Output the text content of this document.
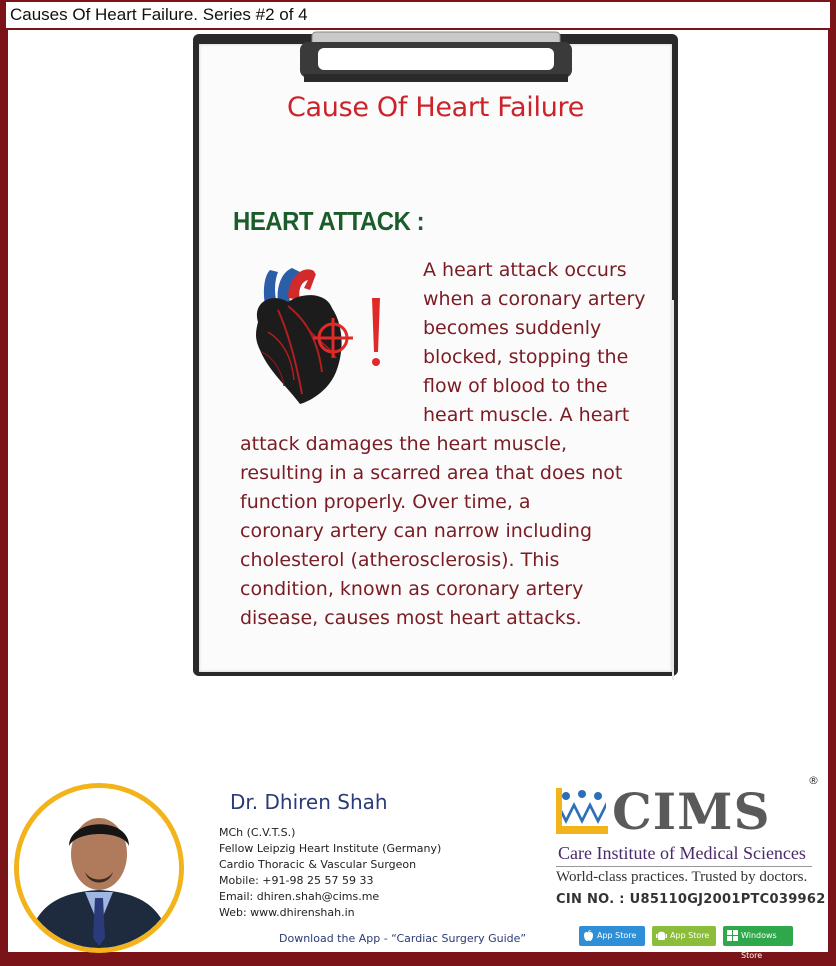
Causes Of Heart Failure. Series #2 of 4
Cause Of Heart Failure
HEART ATTACK :
A heart attack occurs
when a coronary artery
becomes suddenly
blocked, stopping the
flow of blood to the
heart muscle. A heart
attack damages the heart muscle,
resulting in a scarred area that does not
function properly. Over time, a
coronary artery can narrow including
cholesterol (atherosclerosis). This
condition, known as coronary artery
disease, causes most heart attacks.
Dr. Dhiren Shah
MCh (C.V.T.S.)
Fellow Leipzig Heart Institute (Germany)
Cardio Thoracic & Vascular Surgeon
Mobile: +91-98 25 57 59 33
Email: dhiren.shah@cims.me
Web: www.dhirenshah.in
Download the App - “Cardiac Surgery Guide”
CIMS
®
Care Institute of Medical Sciences
World-class practices. Trusted by doctors.
CIN NO. : U85110GJ2001PTC039962
App Store	App Store	Windows Store
